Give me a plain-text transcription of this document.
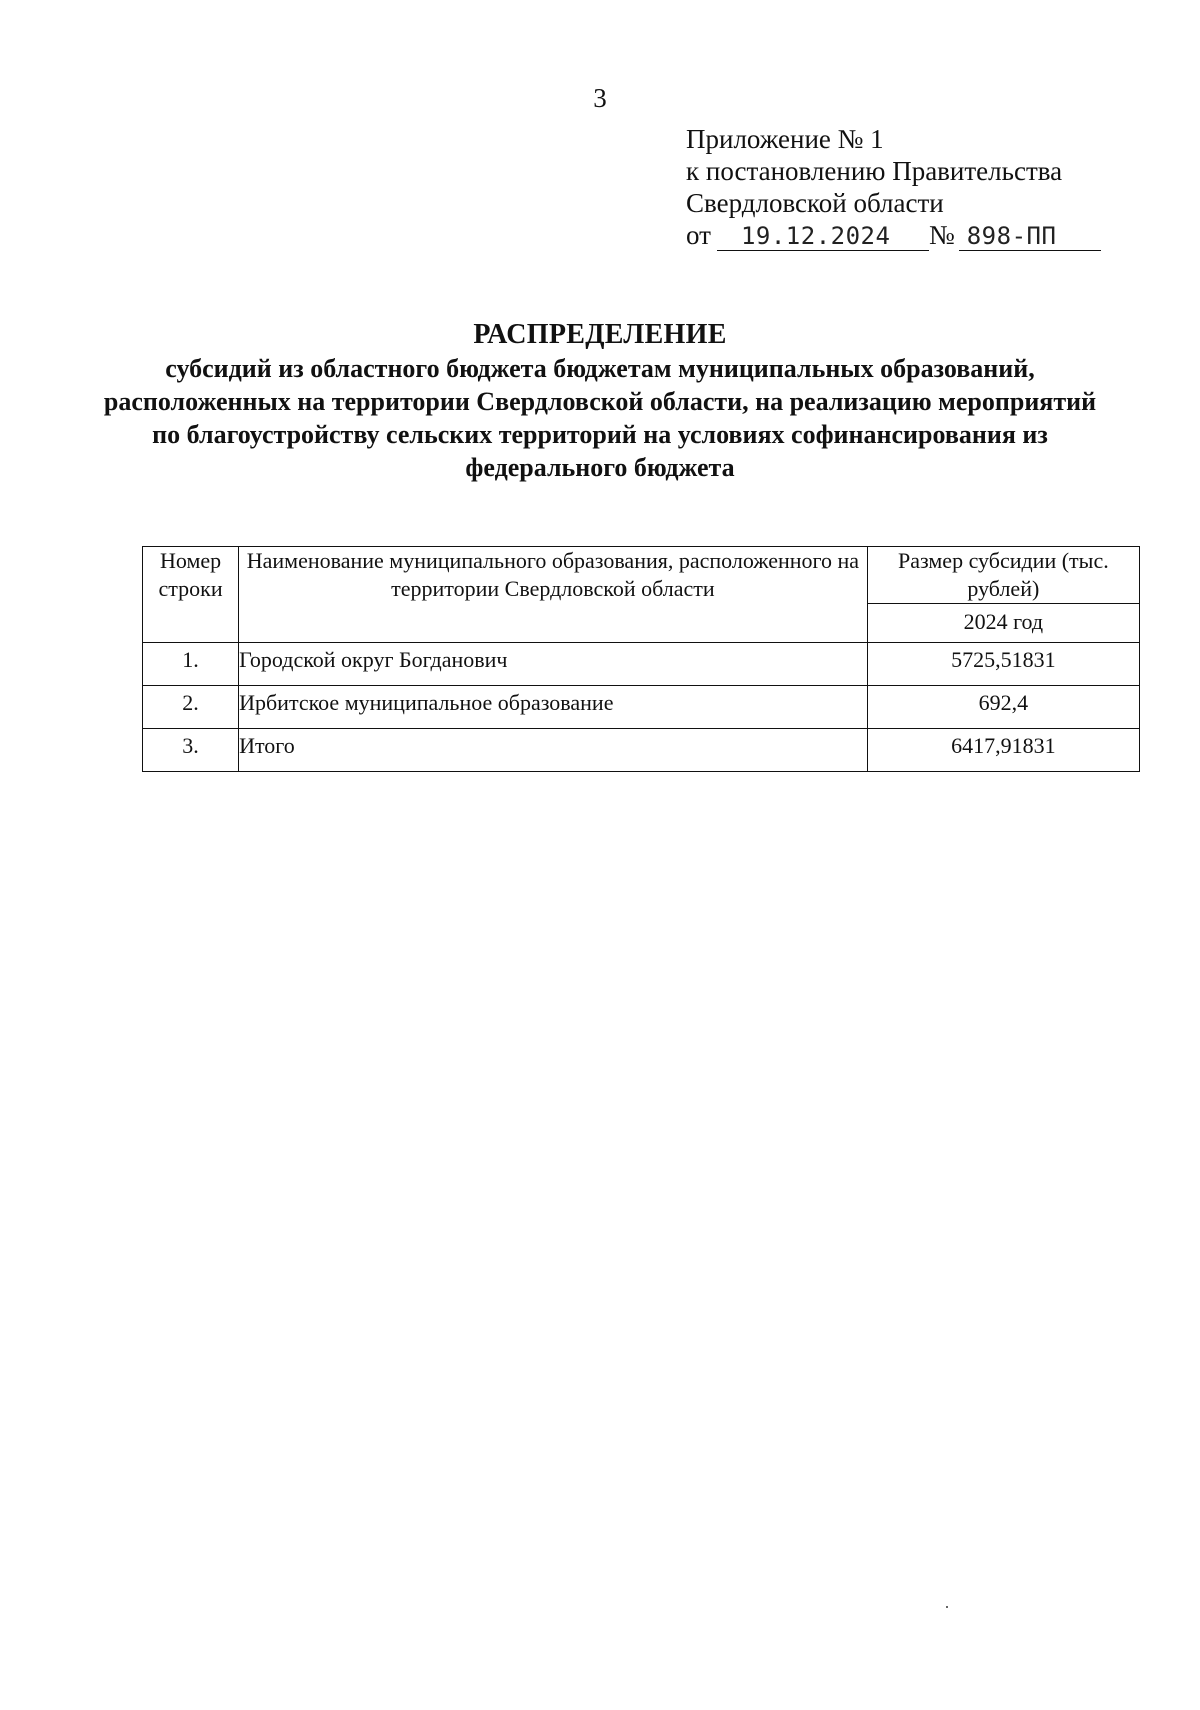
3
Приложение № 1
к постановлению Правительства
Свердловской области
от	19.12.2024	№ 898-ПП
РАСПРЕДЕЛЕНИЕ
субсидий из областного бюджета бюджетам муниципальных образований, расположенных на территории Свердловской области, на реализацию мероприятий по благоустройству сельских территорий на условиях софинансирования из федерального бюджета
Номер строки	Наименование муниципального образования, расположенного на территории Свердловской области	Размер субсидии (тыс. рублей)
		2024 год
1.	Городской округ Богданович	5725,51831
2.	Ирбитское муниципальное образование	692,4
3.	Итого	6417,91831
